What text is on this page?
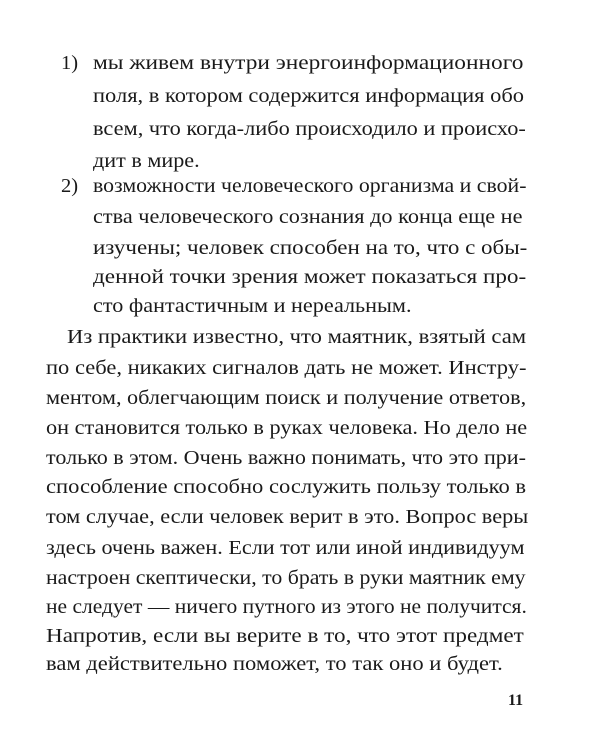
1) мы живем внутри энергоинформационного
поля, в котором содержится информация обо
всем, что когда-либо происходило и происхо-
дит в мире.
2) возможности человеческого организма и свой-
ства человеческого сознания до конца еще не
изучены; человек способен на то, что с обы-
денной точки зрения может показаться про-
сто фантастичным и нереальным.
Из практики известно, что маятник, взятый сам
по себе, никаких сигналов дать не может. Инстру-
ментом, облегчающим поиск и получение ответов,
он становится только в руках человека. Но дело не
только в этом. Очень важно понимать, что это при-
способление способно сослужить пользу только в
том случае, если человек верит в это. Вопрос веры
здесь очень важен. Если тот или иной индивидуум
настроен скептически, то брать в руки маятник ему
не следует — ничего путного из этого не получится.
Напротив, если вы верите в то, что этот предмет
вам действительно поможет, то так оно и будет.
11
